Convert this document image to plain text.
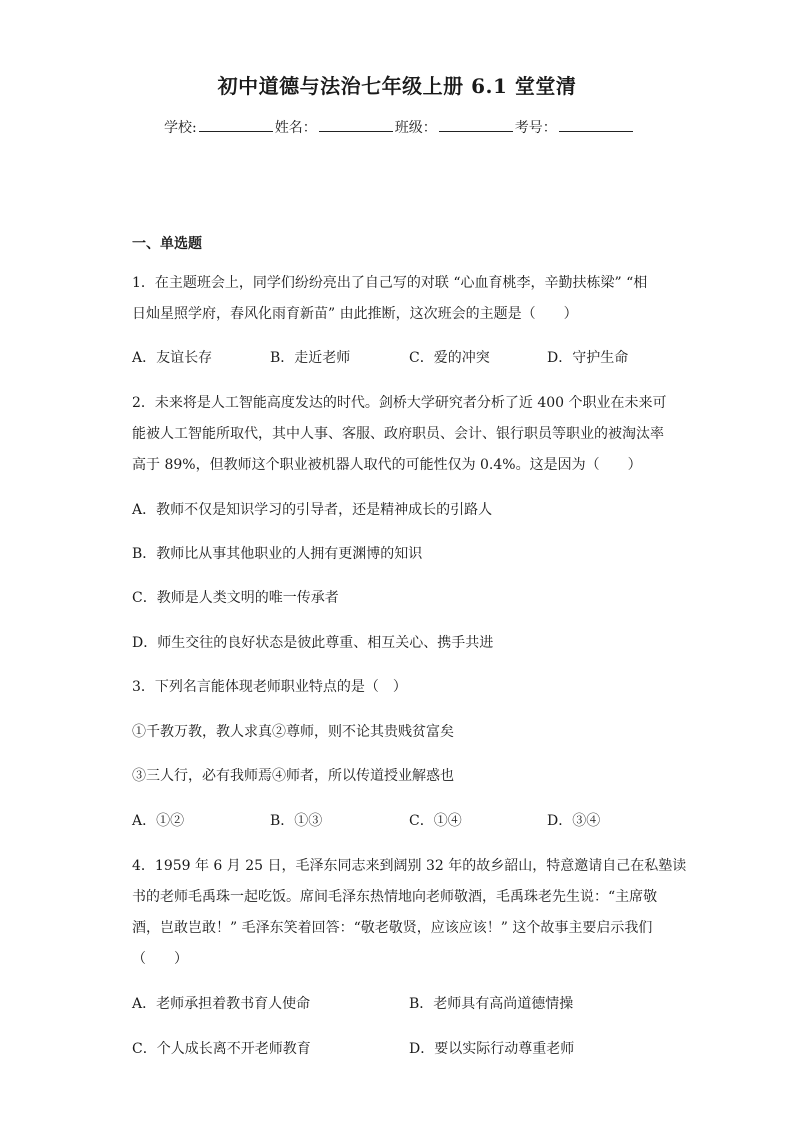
初中道德与法治七年级上册 6.1 堂堂清
学校:	姓名：	班级：	考号：
一、单选题
1．在主题班会上，同学们纷纷亮出了自己写的对联 “心血育桃李，辛勤扶栋梁” “相
日灿星照学府，春风化雨育新苗” 由此推断，这次班会的主题是（　　）
A．友谊长存	B．走近老师	C．爱的冲突	D．守护生命
2．未来将是人工智能高度发达的时代。剑桥大学研究者分析了近 400 个职业在未来可
能被人工智能所取代，其中人事、客服、政府职员、会计、银行职员等职业的被淘汰率
高于 89%，但教师这个职业被机器人取代的可能性仅为 0.4%。这是因为（　　）
A．教师不仅是知识学习的引导者，还是精神成长的引路人
B．教师比从事其他职业的人拥有更渊博的知识
C．教师是人类文明的唯一传承者
D．师生交往的良好状态是彼此尊重、相互关心、携手共进
3．下列名言能体现老师职业特点的是（　）
①千教万教，教人求真②尊师，则不论其贵贱贫富矣
③三人行，必有我师焉④师者，所以传道授业解惑也
A．①②	B．①③	C．①④	D．③④
4．1959 年 6 月 25 日，毛泽东同志来到阔别 32 年的故乡韶山，特意邀请自己在私塾读
书的老师毛禹珠一起吃饭。席间毛泽东热情地向老师敬酒，毛禹珠老先生说：“主席敬
酒，岂敢岂敢！” 毛泽东笑着回答：“敬老敬贤，应该应该！” 这个故事主要启示我们
（　　）
A．老师承担着教书育人使命	B．老师具有高尚道德情操
C．个人成长离不开老师教育	D．要以实际行动尊重老师
